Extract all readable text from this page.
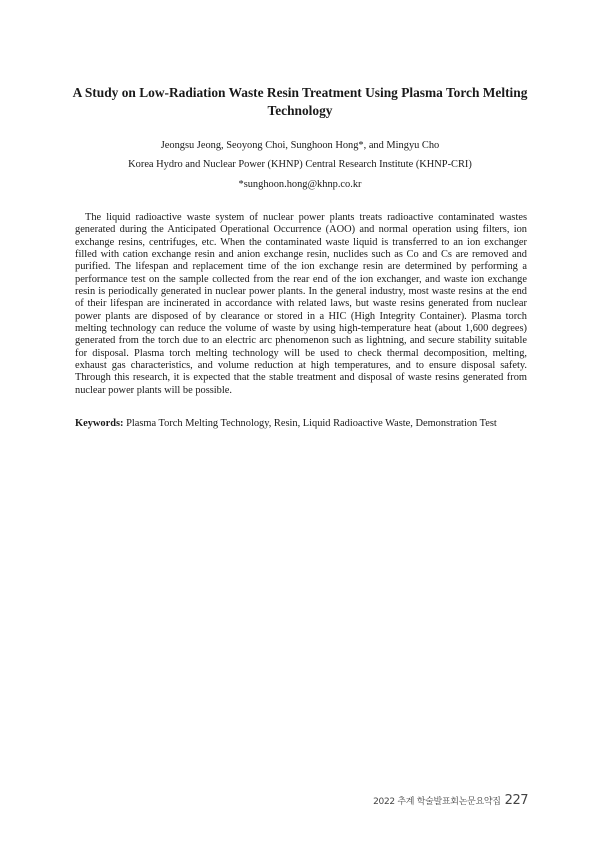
A Study on Low-Radiation Waste Resin Treatment Using Plasma Torch Melting Technology

Jeongsu Jeong, Seoyong Choi, Sunghoon Hong*, and Mingyu Cho

Korea Hydro and Nuclear Power (KHNP) Central Research Institute (KHNP-CRI)

*sunghoon.hong@khnp.co.kr

The liquid radioactive waste system of nuclear power plants treats radioactive contaminated wastes generated during the Anticipated Operational Occurrence (AOO) and normal operation using filters, ion exchange resins, centrifuges, etc. When the contaminated waste liquid is transferred to an ion exchanger filled with cation exchange resin and anion exchange resin, nuclides such as Co and Cs are removed and purified. The lifespan and replacement time of the ion exchange resin are determined by performing a performance test on the sample collected from the rear end of the ion exchanger, and waste ion exchange resin is periodically generated in nuclear power plants. In the general industry, most waste resins at the end of their lifespan are incinerated in accordance with related laws, but waste resins generated from nuclear power plants are disposed of by clearance or stored in a HIC (High Integrity Container). Plasma torch melting technology can reduce the volume of waste by using high-temperature heat (about 1,600 degrees) generated from the torch due to an electric arc phenomenon such as lightning, and secure stability suitable for disposal. Plasma torch melting technology will be used to check thermal decomposition, melting, exhaust gas characteristics, and volume reduction at high temperatures, and to ensure disposal safety. Through this research, it is expected that the stable treatment and disposal of waste resins generated from nuclear power plants will be possible.

Keywords: Plasma Torch Melting Technology, Resin, Liquid Radioactive Waste, Demonstration Test

2022 추계 학술발표회논문요약집 227
